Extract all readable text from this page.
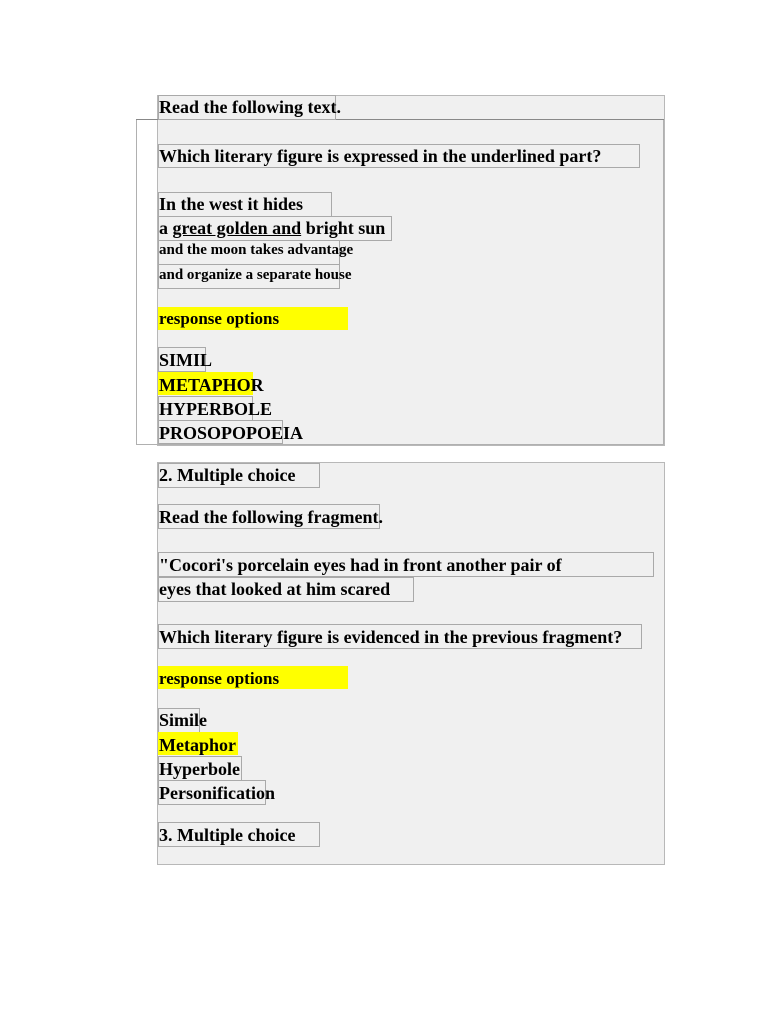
Read the following text.
Which literary figure is expressed in the underlined part?
In the west it hides
a great golden and bright sun
and the moon takes advantage
and organize a separate house
response options
SIMIL
METAPHOR
HYPERBOLE
PROSOPOPOEIA
2. Multiple choice
Read the following fragment.
"Cocori's porcelain eyes had in front another pair of
eyes that looked at him scared
Which literary figure is evidenced in the previous fragment?
response options
Simile
Metaphor
Hyperbole
Personification
3. Multiple choice
